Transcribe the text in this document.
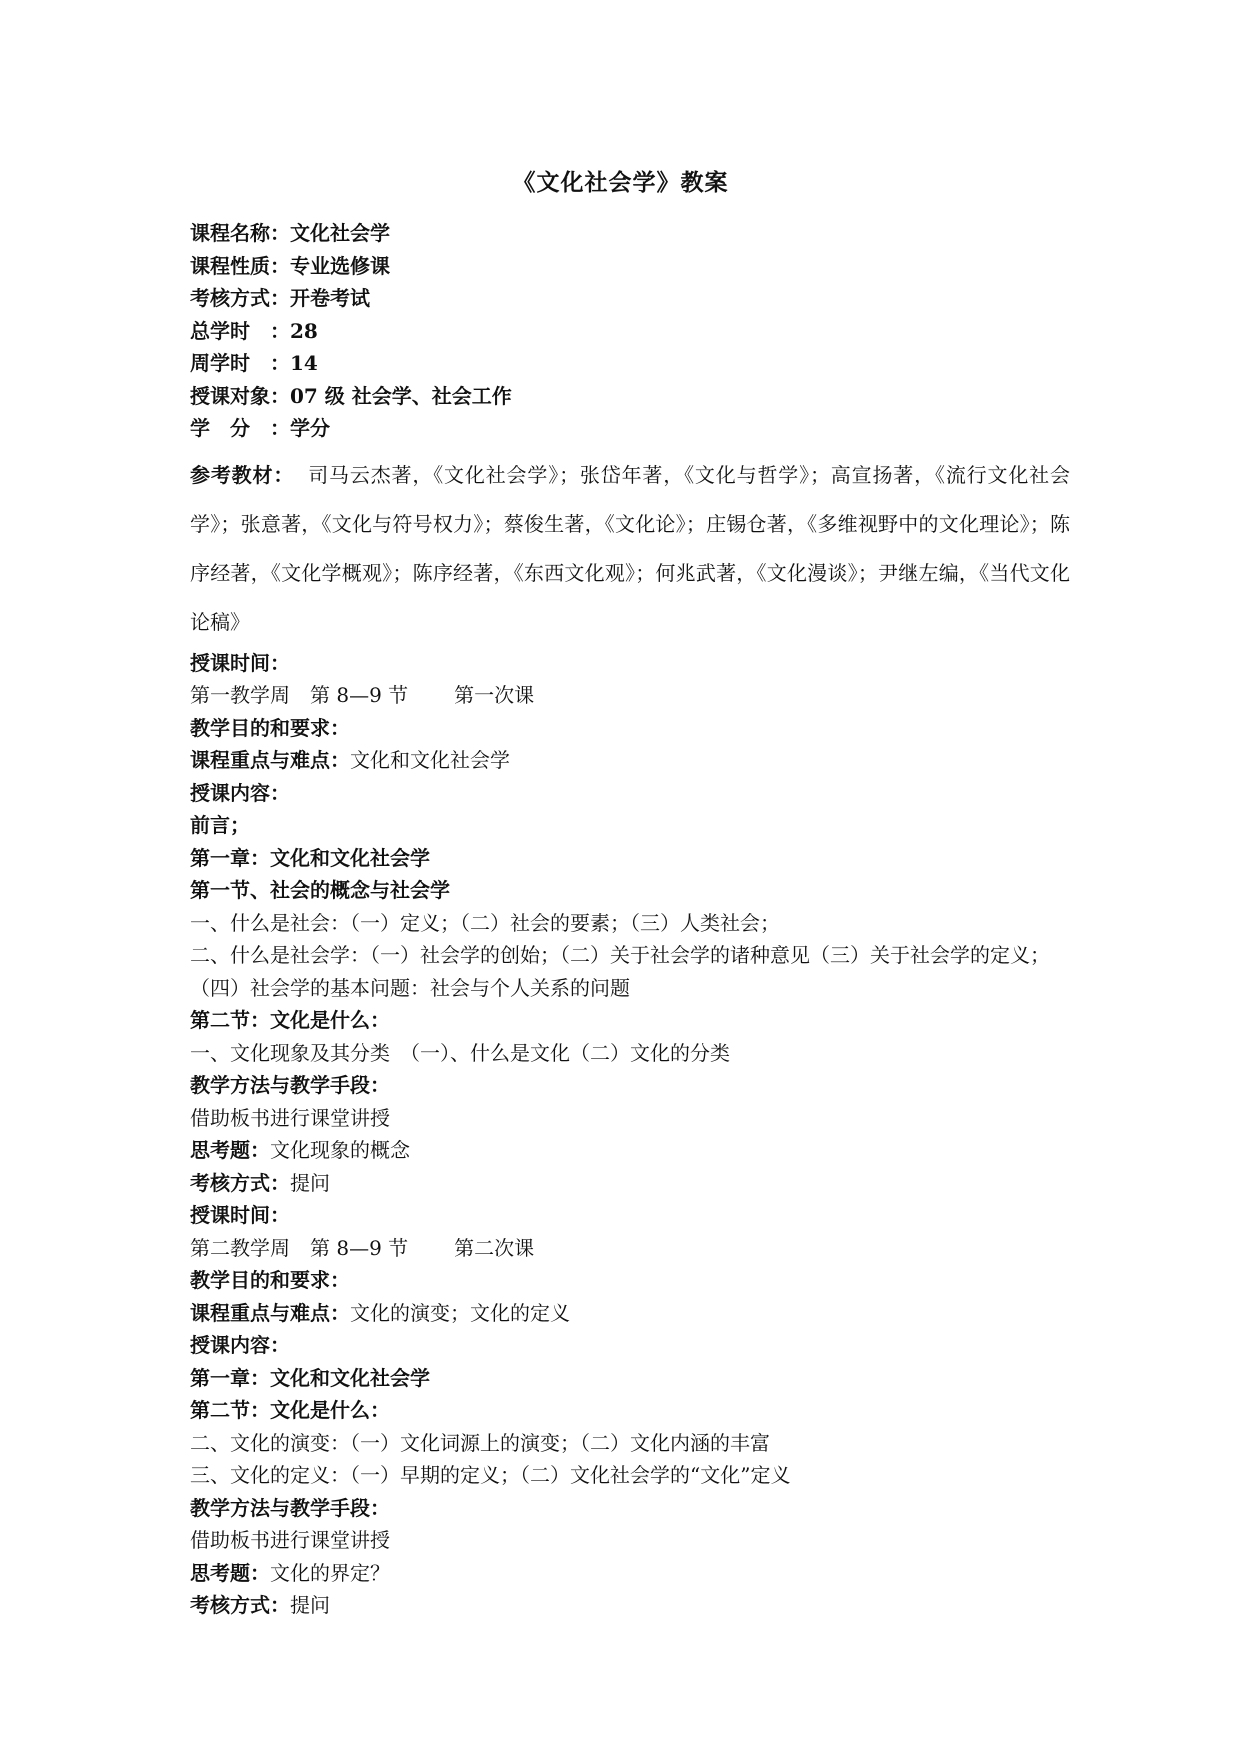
《文化社会学》教案
课程名称：文化社会学
课程性质：专业选修课
考核方式：开卷考试
总学时　：28
周学时　：14
授课对象：07 级 社会学、社会工作
学　分　：学分
参考教材： 司马云杰著，《文化社会学》；张岱年著，《文化与哲学》；高宣扬著，《流行文化社会学》；张意著，《文化与符号权力》；蔡俊生著，《文化论》；庄锡仓著，《多维视野中的文化理论》；陈序经著，《文化学概观》；陈序经著，《东西文化观》；何兆武著，《文化漫谈》；尹继左编，《当代文化论稿》
授课时间：
第一教学周 第 8—9 节 第一次课
教学目的和要求：
课程重点与难点：文化和文化社会学
授课内容：
前言；
第一章：文化和文化社会学
第一节、社会的概念与社会学
一、什么是社会：（一）定义；（二）社会的要素；（三）人类社会；
二、什么是社会学：（一）社会学的创始；（二）关于社会学的诸种意见（三）关于社会学的定义；（四）社会学的基本问题：社会与个人关系的问题
第二节：文化是什么：
一、文化现象及其分类　（一）、什么是文化（二）文化的分类
教学方法与教学手段：
借助板书进行课堂讲授
思考题：文化现象的概念
考核方式：提问
授课时间：
第二教学周 第 8—9 节 第二次课
教学目的和要求：
课程重点与难点：文化的演变；文化的定义
授课内容：
第一章：文化和文化社会学
第二节：文化是什么：
二、文化的演变：（一）文化词源上的演变；（二）文化内涵的丰富
三、文化的定义：（一）早期的定义；（二）文化社会学的“文化”定义
教学方法与教学手段：
借助板书进行课堂讲授
思考题：文化的界定？
考核方式：提问
